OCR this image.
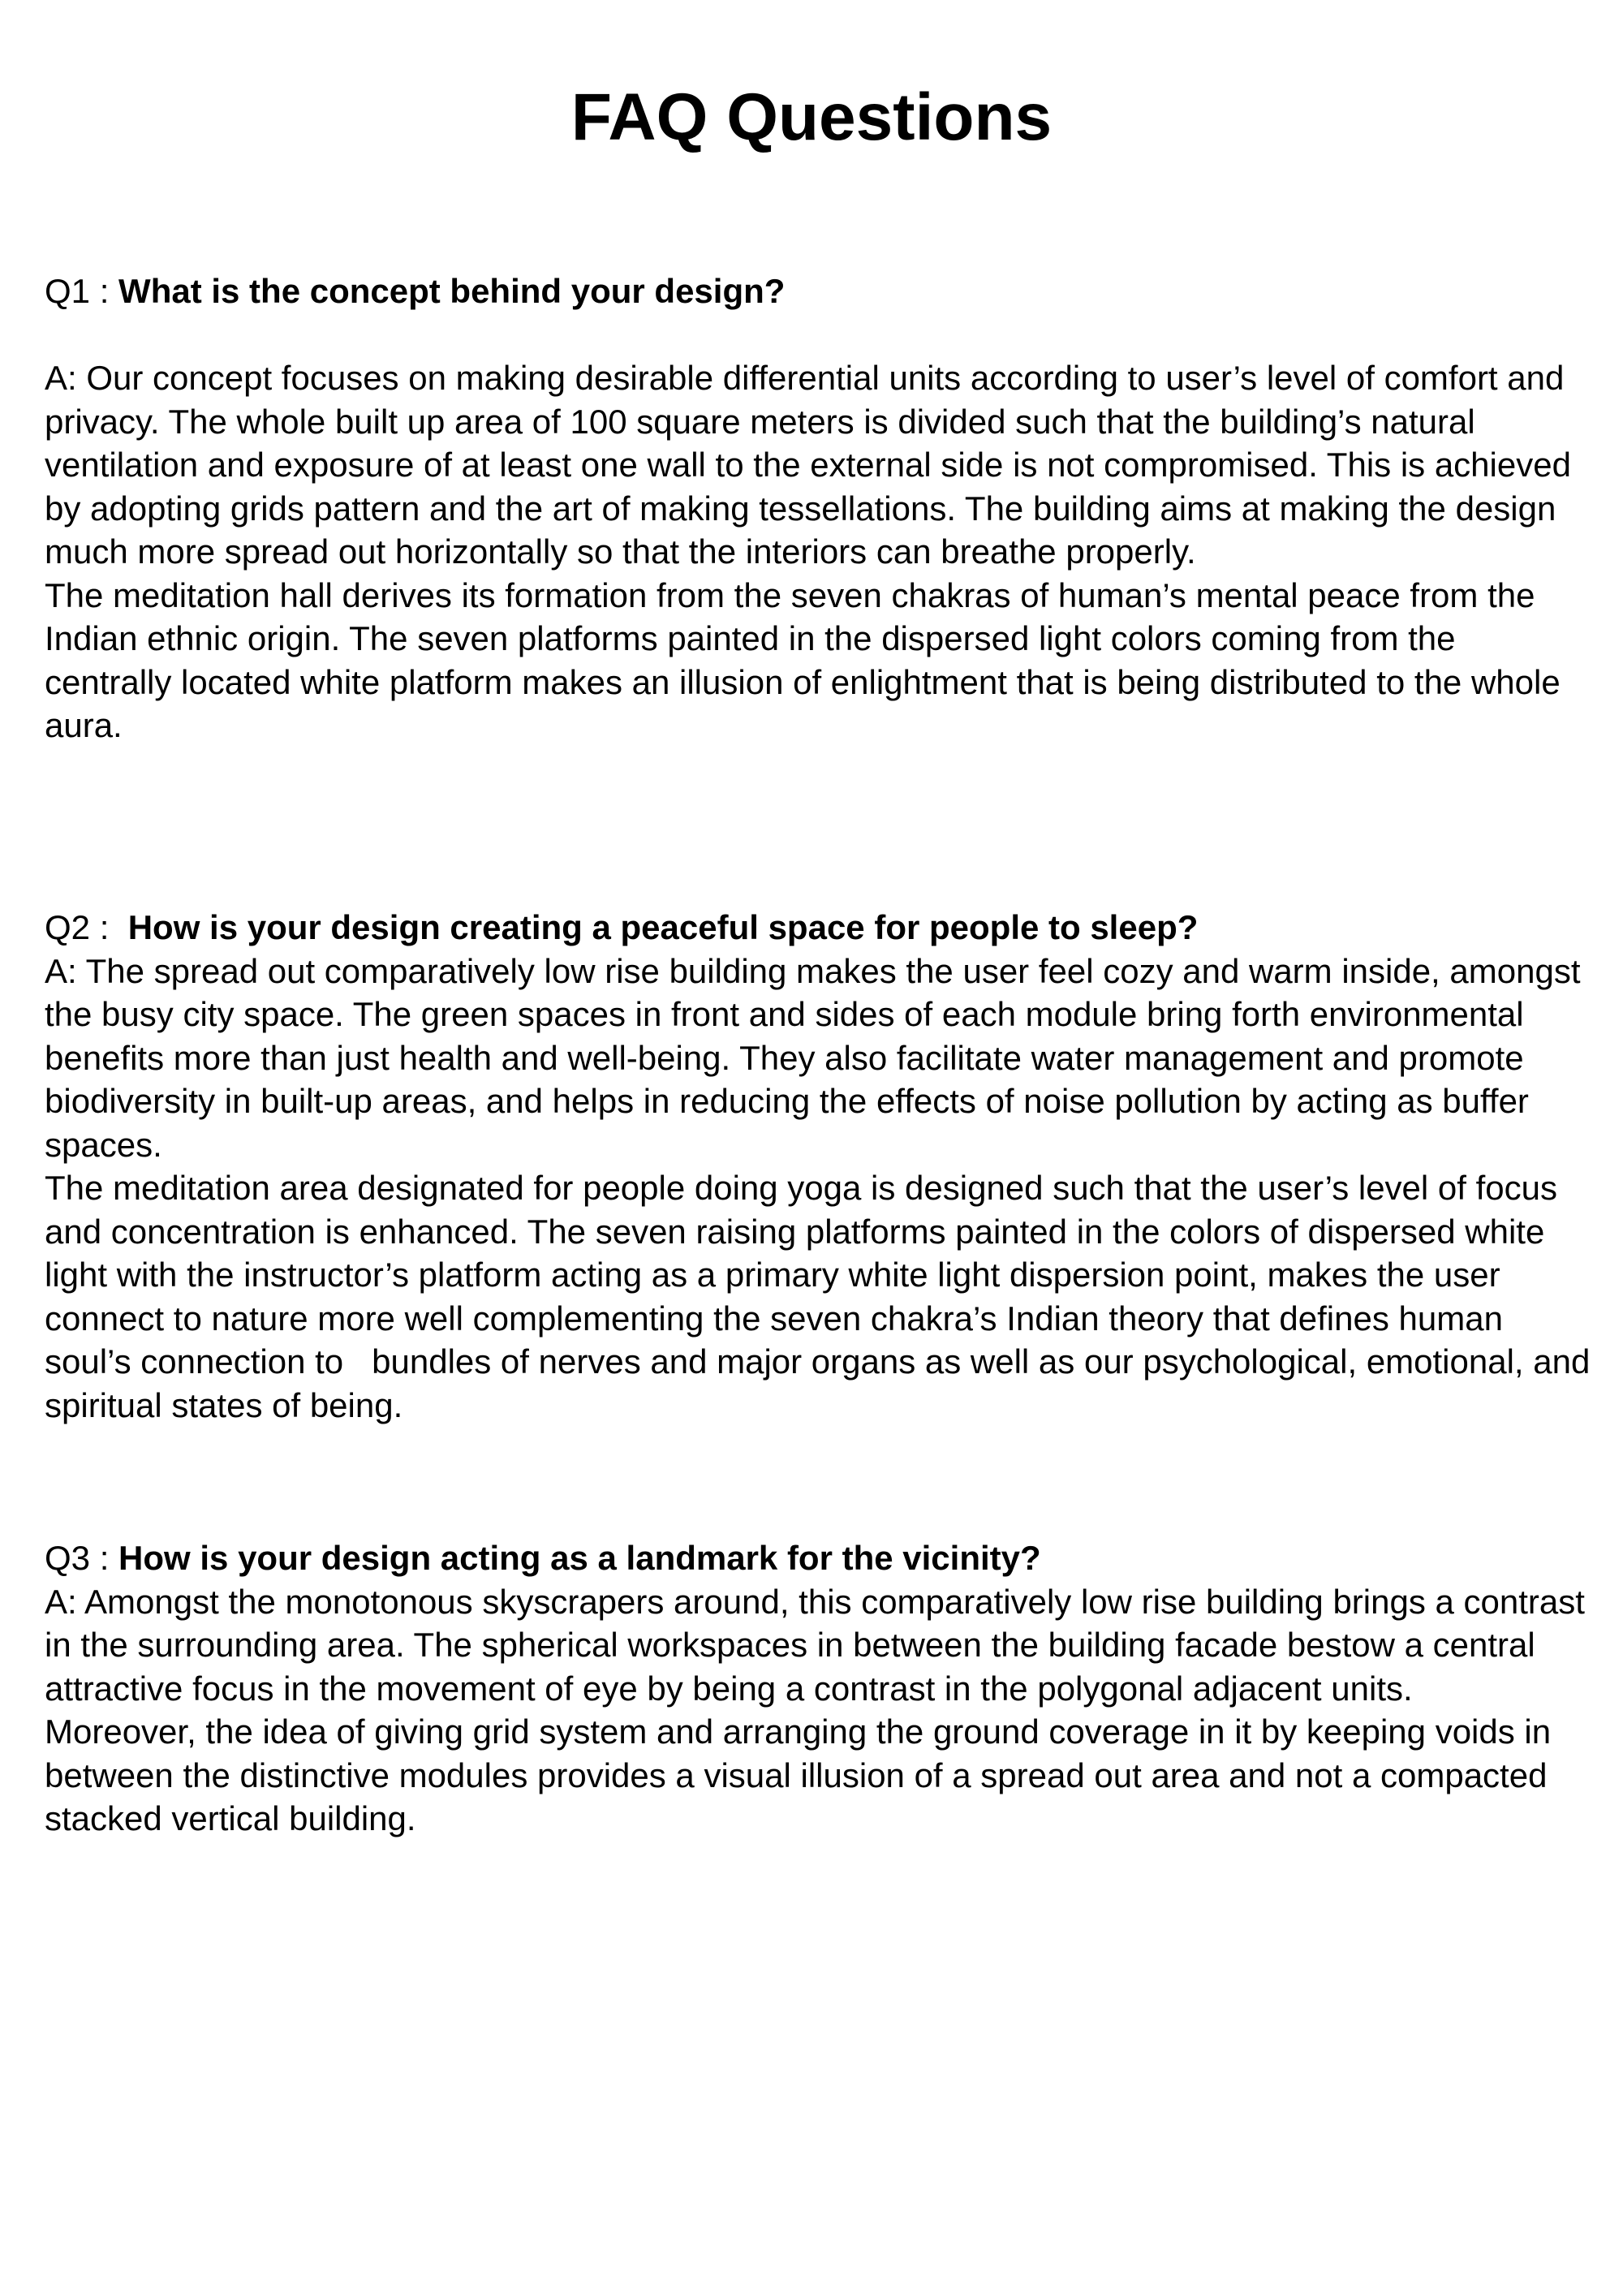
FAQ Questions

Q1 : What is the concept behind your design?

A: Our concept focuses on making desirable differential units according to user’s level of comfort and privacy. The whole built up area of 100 square meters is divided such that the building’s natural ventilation and exposure of at least one wall to the external side is not compromised. This is achieved by adopting grids pattern and the art of making tessellations. The building aims at making the design much more spread out horizontally so that the interiors can breathe properly.

The meditation hall derives its formation from the seven chakras of human’s mental peace from the Indian ethnic origin. The seven platforms painted in the dispersed light colors coming from the centrally located white platform makes an illusion of enlightment that is being distributed to the whole aura.

Q2 :  How is your design creating a peaceful space for people to sleep?

A: The spread out comparatively low rise building makes the user feel cozy and warm inside, amongst the busy city space. The green spaces in front and sides of each module bring forth environmental benefits more than just health and well-being. They also facilitate water management and promote biodiversity in built-up areas, and helps in reducing the effects of noise pollution by acting as buffer spaces.

The meditation area designated for people doing yoga is designed such that the user’s level of focus and concentration is enhanced. The seven raising platforms painted in the colors of dispersed white light with the instructor’s platform acting as a primary white light dispersion point, makes the user connect to nature more well complementing the seven chakra’s Indian theory that defines human soul’s connection to   bundles of nerves and major organs as well as our psychological, emotional, and spiritual states of being.

Q3 : How is your design acting as a landmark for the vicinity?

A: Amongst the monotonous skyscrapers around, this comparatively low rise building brings a contrast in the surrounding area. The spherical workspaces in between the building facade bestow a central attractive focus in the movement of eye by being a contrast in the polygonal adjacent units.

Moreover, the idea of giving grid system and arranging the ground coverage in it by keeping voids in between the distinctive modules provides a visual illusion of a spread out area and not a compacted stacked vertical building.
